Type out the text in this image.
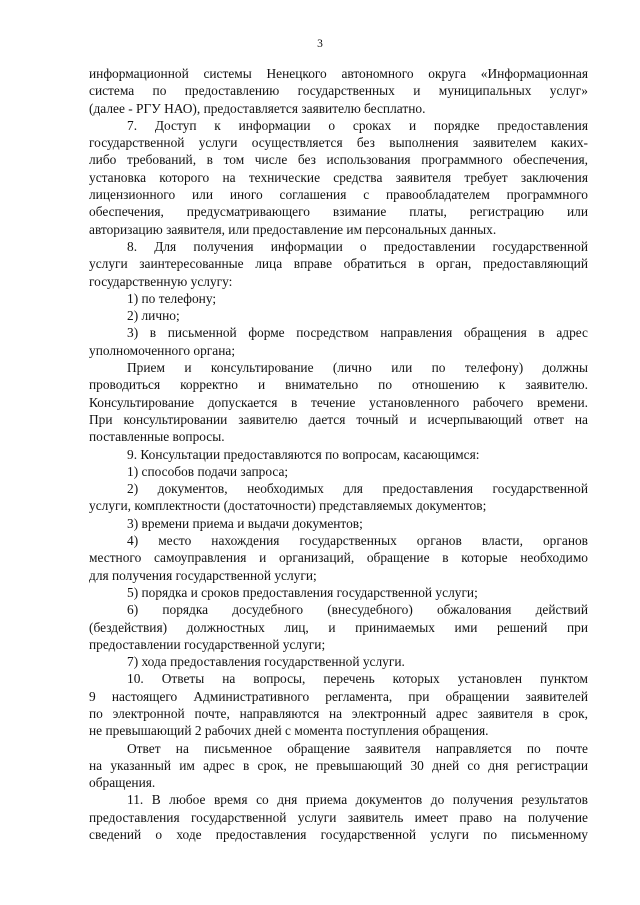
3
информационной системы Ненецкого автономного округа «Информационная
система по предоставлению государственных и муниципальных услуг»
(далее - РГУ НАО), предоставляется заявителю бесплатно.
7. Доступ к информации о сроках и порядке предоставления
государственной услуги осуществляется без выполнения заявителем каких-
либо требований, в том числе без использования программного обеспечения,
установка которого на технические средства заявителя требует заключения
лицензионного или иного соглашения с правообладателем программного
обеспечения, предусматривающего взимание платы, регистрацию или
авторизацию заявителя, или предоставление им персональных данных.
8. Для получения информации о предоставлении государственной
услуги заинтересованные лица вправе обратиться в орган, предоставляющий
государственную услугу:
1) по телефону;
2) лично;
3) в письменной форме посредством направления обращения в адрес
уполномоченного органа;
Прием и консультирование (лично или по телефону) должны
проводиться корректно и внимательно по отношению к заявителю.
Консультирование допускается в течение установленного рабочего времени.
При консультировании заявителю дается точный и исчерпывающий ответ на
поставленные вопросы.
9. Консультации предоставляются по вопросам, касающимся:
1) способов подачи запроса;
2) документов, необходимых для предоставления государственной
услуги, комплектности (достаточности) представляемых документов;
3) времени приема и выдачи документов;
4) место нахождения государственных органов власти, органов
местного самоуправления и организаций, обращение в которые необходимо
для получения государственной услуги;
5) порядка и сроков предоставления государственной услуги;
6) порядка досудебного (внесудебного) обжалования действий
(бездействия) должностных лиц, и принимаемых ими решений при
предоставлении государственной услуги;
7) хода предоставления государственной услуги.
10. Ответы на вопросы, перечень которых установлен пунктом
9 настоящего Административного регламента, при обращении заявителей
по электронной почте, направляются на электронный адрес заявителя в срок,
не превышающий 2 рабочих дней с момента поступления обращения.
Ответ на письменное обращение заявителя направляется по почте
на указанный им адрес в срок, не превышающий 30 дней со дня регистрации
обращения.
11. В любое время со дня приема документов до получения результатов
предоставления государственной услуги заявитель имеет право на получение
сведений о ходе предоставления государственной услуги по письменному
